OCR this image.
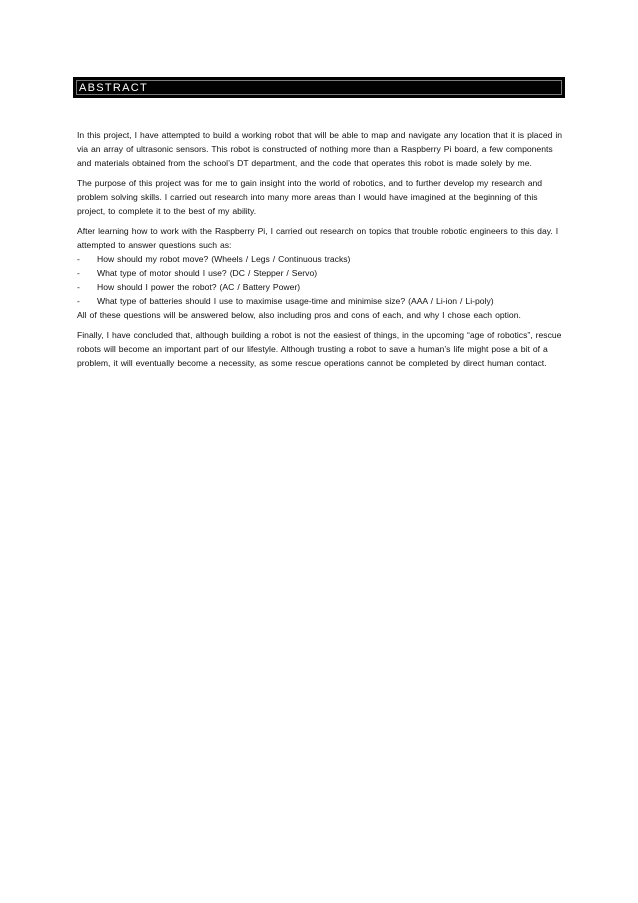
ABSTRACT

In this project, I have attempted to build a working robot that will be able to map and navigate any location that it is placed in via an array of ultrasonic sensors. This robot is constructed of nothing more than a Raspberry Pi board, a few components and materials obtained from the school’s DT department, and the code that operates this robot is made solely by me.

The purpose of this project was for me to gain insight into the world of robotics, and to further develop my research and problem solving skills. I carried out research into many more areas than I would have imagined at the beginning of this project, to complete it to the best of my ability.

After learning how to work with the Raspberry Pi, I carried out research on topics that trouble robotic engineers to this day. I attempted to answer questions such as:

-	How should my robot move? (Wheels / Legs / Continuous tracks)
-	What type of motor should I use? (DC / Stepper / Servo)
-	How should I power the robot? (AC / Battery Power)
-	What type of batteries should I use to maximise usage-time and minimise size? (AAA / Li-ion / Li-poly)

All of these questions will be answered below, also including pros and cons of each, and why I chose each option.

Finally, I have concluded that, although building a robot is not the easiest of things, in the upcoming “age of robotics”, rescue robots will become an important part of our lifestyle. Although trusting a robot to save a human’s life might pose a bit of a problem, it will eventually become a necessity, as some rescue operations cannot be completed by direct human contact.
